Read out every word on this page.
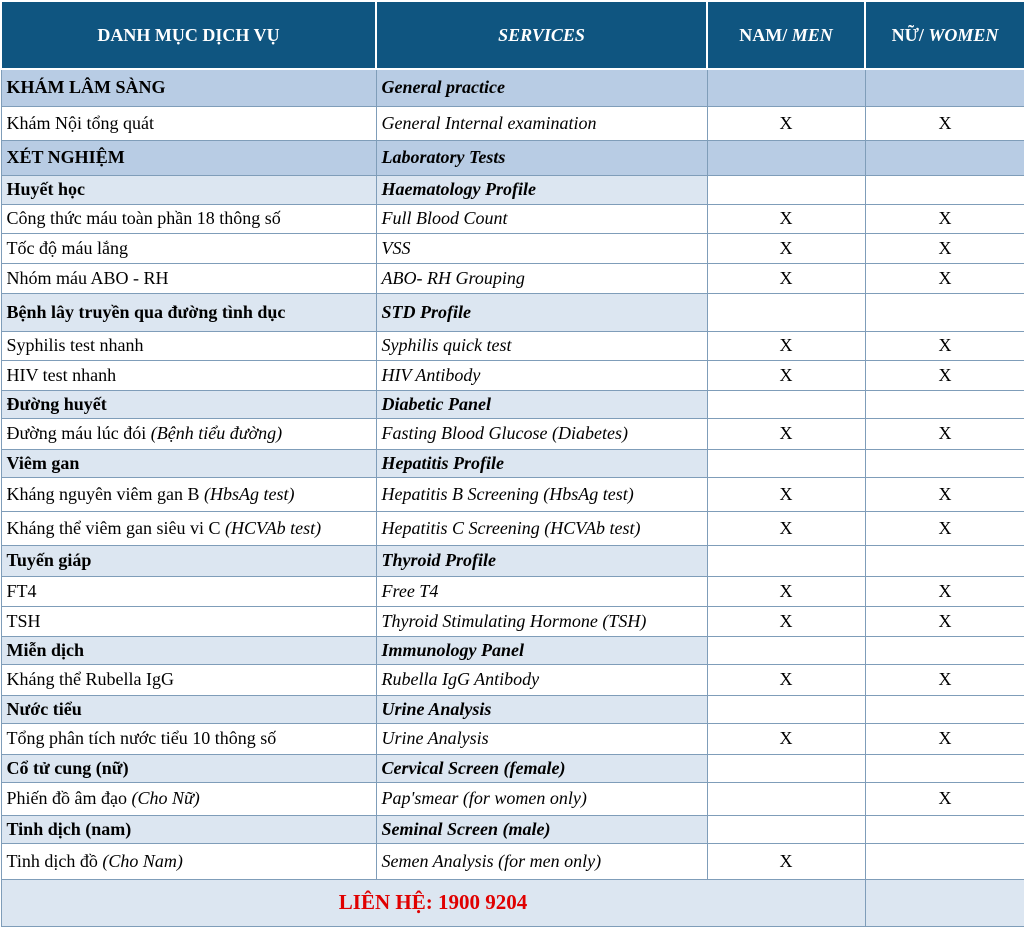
DANH MỤC DỊCH VỤ	SERVICES	NAM/ MEN	NỮ/ WOMEN
KHÁM LÂM SÀNG	General practice		
Khám Nội tổng quát	General Internal examination	X	X
XÉT NGHIỆM	Laboratory Tests		
Huyết học	Haematology Profile		
Công thức máu toàn phần 18 thông số	Full Blood Count	X	X
Tốc độ máu lắng	VSS	X	X
Nhóm máu ABO - RH	ABO- RH Grouping	X	X
Bệnh lây truyền qua đường tình dục	STD Profile		
Syphilis test nhanh	Syphilis quick test	X	X
HIV test nhanh	HIV Antibody	X	X
Đường huyết	Diabetic Panel		
Đường máu lúc đói (Bệnh tiểu đường)	Fasting Blood Glucose (Diabetes)	X	X
Viêm gan	Hepatitis Profile		
Kháng nguyên viêm gan B (HbsAg test)	Hepatitis B Screening (HbsAg test)	X	X
Kháng thể viêm gan siêu vi C (HCVAb test)	Hepatitis C Screening (HCVAb test)	X	X
Tuyến giáp	Thyroid Profile		
FT4	Free T4	X	X
TSH	Thyroid Stimulating Hormone (TSH)	X	X
Miễn dịch	Immunology Panel		
Kháng thể Rubella IgG	Rubella IgG Antibody	X	X
Nước tiểu	Urine Analysis		
Tổng phân tích nước tiểu 10 thông số	Urine Analysis	X	X
Cổ tử cung (nữ)	Cervical Screen (female)		
Phiến đồ âm đạo (Cho Nữ)	Pap'smear (for women only)		X
Tinh dịch (nam)	Seminal Screen (male)		
Tinh dịch đồ (Cho Nam)	Semen Analysis (for men only)	X	
LIÊN HỆ: 1900 9204			
